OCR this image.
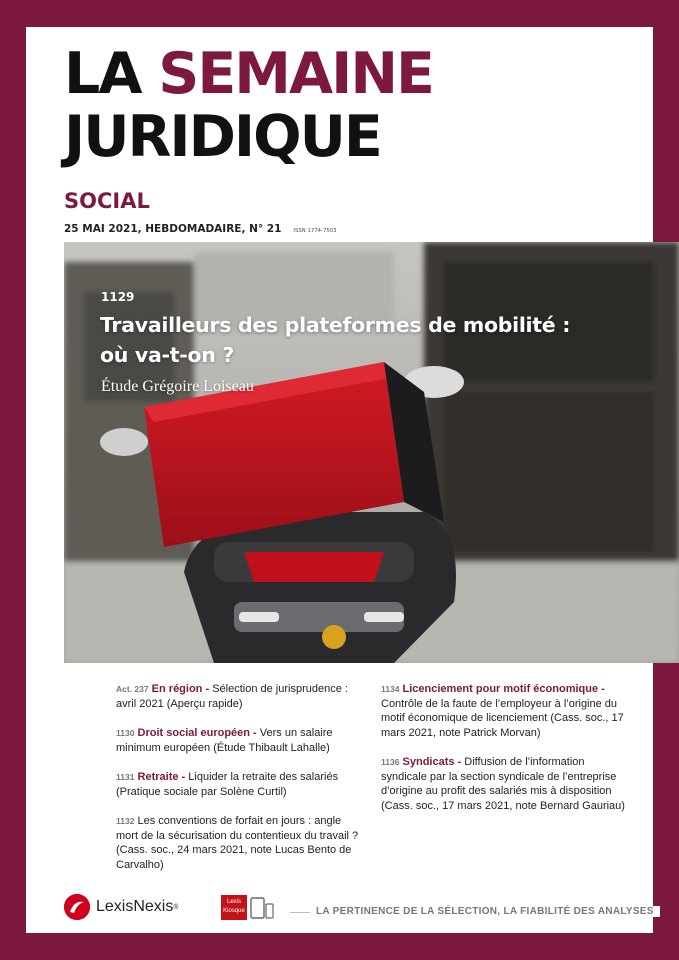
LA SEMAINE
JURIDIQUE
SOCIAL
25 MAI 2021, HEBDOMADAIRE, N° 21 ISSN 1774-7503
1129
Travailleurs des plateformes de mobilité :
où va-t-on ?
Étude Grégoire Loiseau
Act. 237 En région - Sélection de jurisprudence : avril 2021 (Aperçu rapide)
1130 Droit social européen - Vers un salaire minimum européen (Étude Thibault Lahalle)
1131 Retraite - Liquider la retraite des salariés (Pratique sociale par Solène Curtil)
1132 Les conventions de forfait en jours : angle mort de la sécurisation du contentieux du travail ? (Cass. soc., 24 mars 2021, note Lucas Bento de Carvalho)
1134 Licenciement pour motif économique - Contrôle de la faute de l’employeur à l’origine du motif économique de licenciement (Cass. soc., 17 mars 2021, note Patrick Morvan)
1136 Syndicats - Diffusion de l’information syndicale par la section syndicale de l’entreprise d’origine au profit des salariés mis à disposition (Cass. soc., 17 mars 2021, note Bernard Gauriau)
LexisNexis ®
Lexis
Kiosque	LA PERTINENCE DE LA SÉLECTION, LA FIABILITÉ DES ANALYSES
